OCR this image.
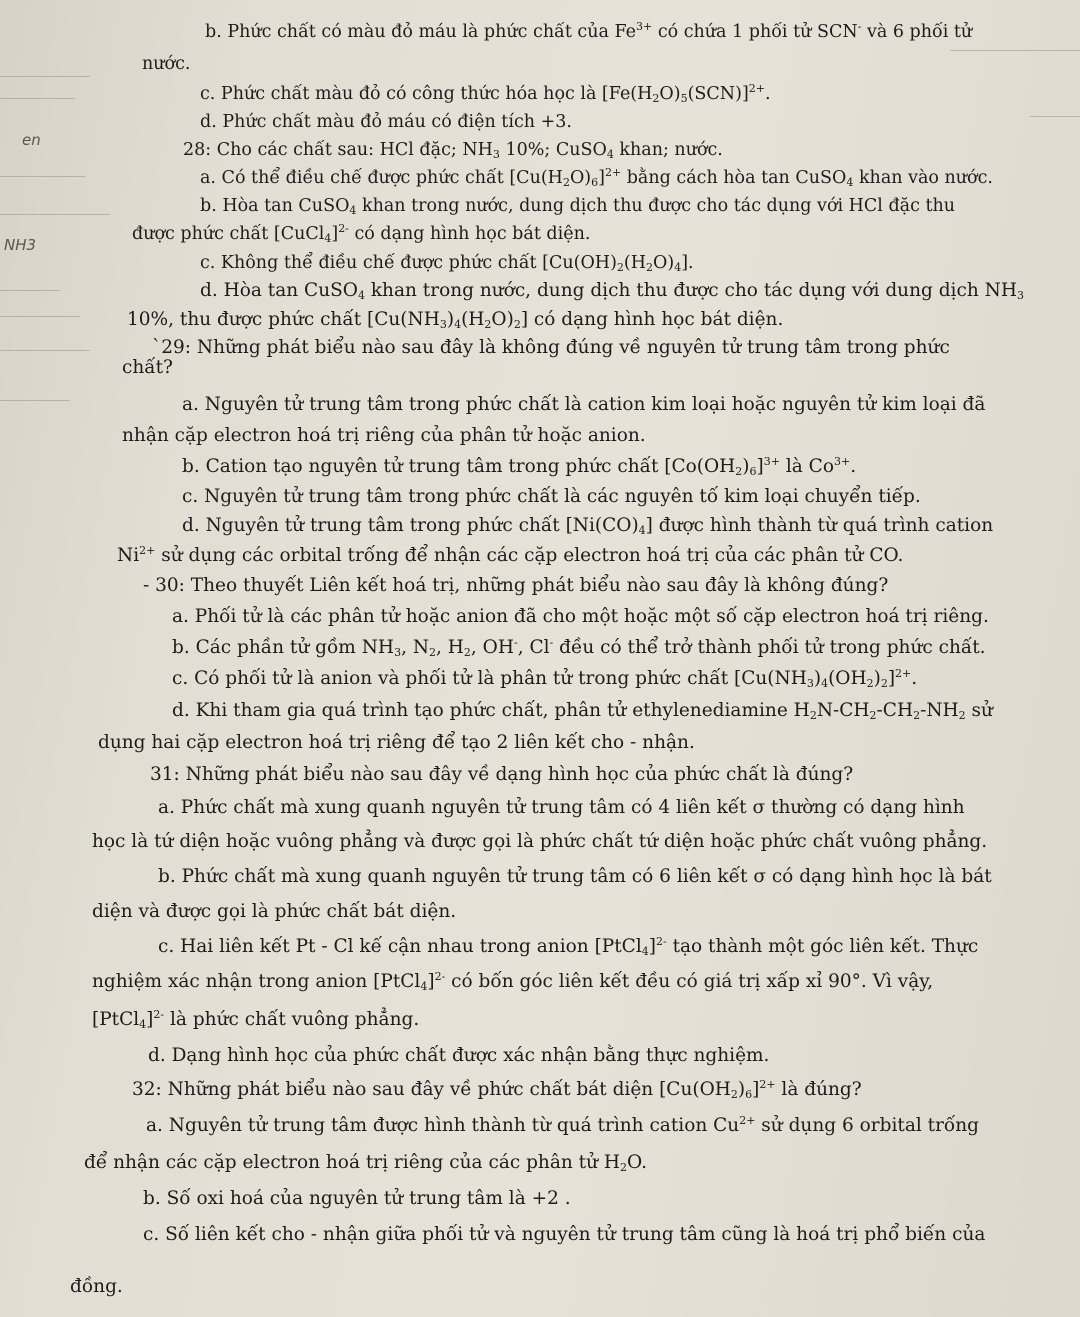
b. Phức chất có màu đỏ máu là phức chất của $Fe^{3+}$ có chứa 1 phối tử SCN- và 6 phối tử
nước.
c. Phức chất màu đỏ có công thức hóa học là $[Fe(H_2O)_5(SCN)]^{2+}$.
d. Phức chất màu đỏ máu có điện tích +3.
28: Cho các chất sau: HCl đặc; $NH_3$ 10%; CuSO$_4$ khan; nước.
a. Có thể điều chế được phức chất $[Cu(H_2O)_6]^{2+}$ bằng cách hòa tan CuSO$_4$ khan vào nước.
b. Hòa tan CuSO$_4$ khan trong nước, dung dịch thu được cho tác dụng với HCl đặc thu
được phức chất [CuCl$_4$]$^{2-}$ có dạng hình học bát diện.
c. Không thể điều chế được phức chất $[Cu(OH)_2(H_2O)_4]$.
d. Hòa tan CuSO$_4$ khan trong nước, dung dịch thu được cho tác dụng với dung dịch $NH_3$
10%, thu được phức chất $[Cu(NH_3)_4(H_2O)_2]$ có dạng hình học bát diện.
`29: Những phát biểu nào sau đây là không đúng về nguyên tử trung tâm trong phức
chất?
a. Nguyên tử trung tâm trong phức chất là cation kim loại hoặc nguyên tử kim loại đã
nhận cặp electron hoá trị riêng của phân tử hoặc anion.
b. Cation tạo nguyên tử trung tâm trong phức chất $[Co(OH_2)_6]^{3+}$ là $Co^{3+}$.
c. Nguyên tử trung tâm trong phức chất là các nguyên tố kim loại chuyển tiếp.
d. Nguyên tử trung tâm trong phức chất $[Ni(CO)_4]$ được hình thành từ quá trình cation
$Ni^{2+}$ sử dụng các orbital trống để nhận các cặp electron hoá trị của các phân tử CO.
- 30: Theo thuyết Liên kết hoá trị, những phát biểu nào sau đây là không đúng?
a. Phối tử là các phân tử hoặc anion đã cho một hoặc một số cặp electron hoá trị riêng.
b. Các phần tử gồm $NH_3$, $N_2$, $H_2$, OH-, Cl- đều có thể trở thành phối tử trong phức chất.
c. Có phối tử là anion và phối tử là phân tử trong phức chất $[Cu(NH_3)_4(OH_2)_2]^{2+}$.
d. Khi tham gia quá trình tạo phức chất, phân tử ethylenediamine $H_2N-CH_2-CH_2-NH_2$ sử
dụng hai cặp electron hoá trị riêng để tạo 2 liên kết cho - nhận.
31: Những phát biểu nào sau đây về dạng hình học của phức chất là đúng?
a. Phức chất mà xung quanh nguyên tử trung tâm có 4 liên kết σ thường có dạng hình
học là tứ diện hoặc vuông phẳng và được gọi là phức chất tứ diện hoặc phức chất vuông phẳng.
b. Phức chất mà xung quanh nguyên tử trung tâm có 6 liên kết σ có dạng hình học là bát
diện và được gọi là phức chất bát diện.
c. Hai liên kết Pt - Cl kế cận nhau trong anion [PtCl$_4$]$^{2-}$ tạo thành một góc liên kết. Thực
nghiệm xác nhận trong anion [PtCl$_4$]$^{2-}$ có bốn góc liên kết đều có giá trị xấp xỉ 90°. Vì vậy,
[PtCl$_4$]$^{2-}$ là phức chất vuông phẳng.
d. Dạng hình học của phức chất được xác nhận bằng thực nghiệm.
32: Những phát biểu nào sau đây về phức chất bát diện $[Cu(OH_2)_6]^{2+}$ là đúng?
a. Nguyên tử trung tâm được hình thành từ quá trình cation $Cu^{2+}$ sử dụng 6 orbital trống
để nhận các cặp electron hoá trị riêng của các phân tử $H_2O$.
b. Số oxi hoá của nguyên tử trung tâm là +2 .
c. Số liên kết cho - nhận giữa phối tử và nguyên tử trung tâm cũng là hoá trị phổ biến của
đồng.
en
NH3
